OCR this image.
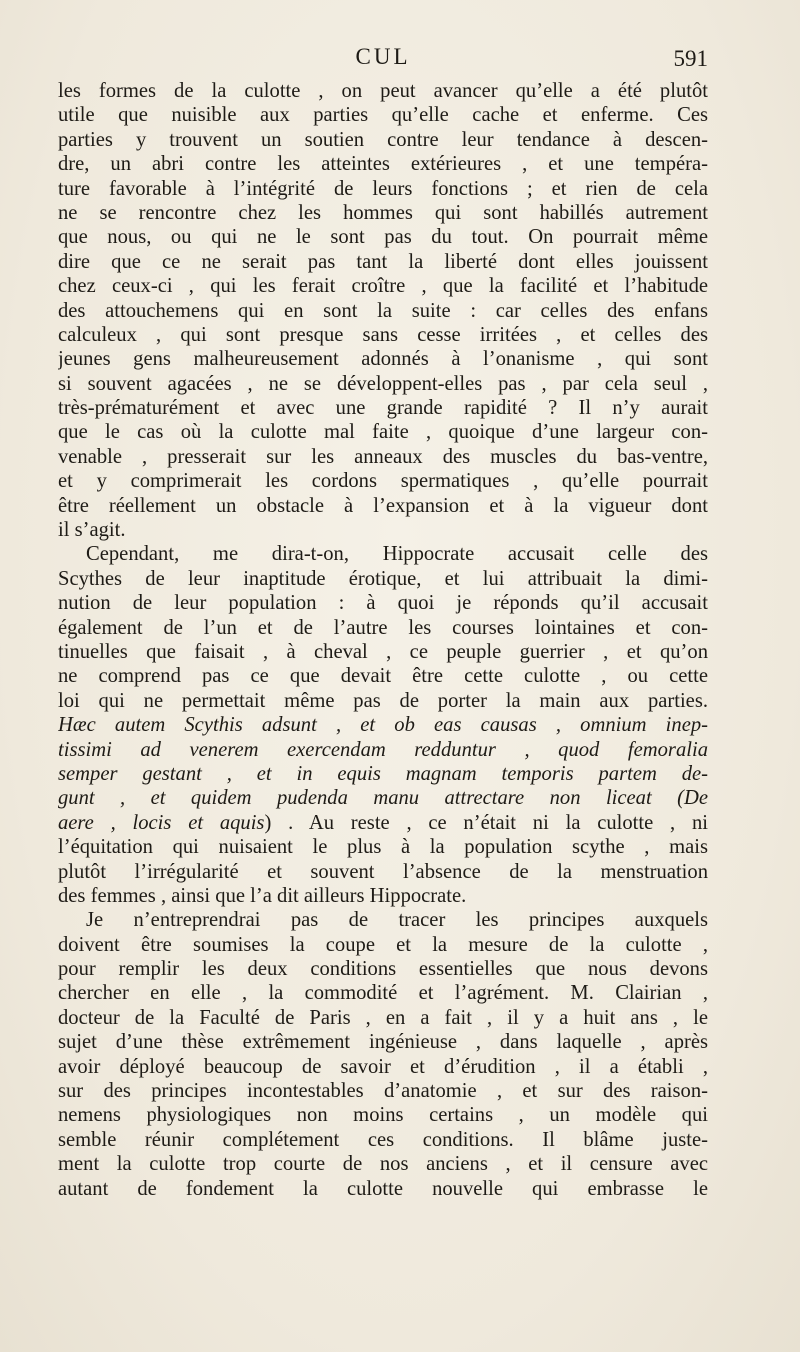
CUL	591
les formes de la culotte , on peut avancer qu’elle a été plutôt
utile que nuisible aux parties qu’elle cache et enferme. Ces
parties y trouvent un soutien contre leur tendance à descen-
dre, un abri contre les atteintes extérieures , et une tempéra-
ture favorable à l’intégrité de leurs fonctions ; et rien de cela
ne se rencontre chez les hommes qui sont habillés autrement
que nous, ou qui ne le sont pas du tout. On pourrait même
dire que ce ne serait pas tant la liberté dont elles jouissent
chez ceux-ci , qui les ferait croître , que la facilité et l’habitude
des attouchemens qui en sont la suite : car celles des enfans
calculeux , qui sont presque sans cesse irritées , et celles des
jeunes gens malheureusement adonnés à l’onanisme , qui sont
si souvent agacées , ne se développent-elles pas , par cela seul ,
très-prématurément et avec une grande rapidité ? Il n’y aurait
que le cas où la culotte mal faite , quoique d’une largeur con-
venable , presserait sur les anneaux des muscles du bas-ventre,
et y comprimerait les cordons spermatiques , qu’elle pourrait
être réellement un obstacle à l’expansion et à la vigueur dont
il s’agit.
Cependant, me dira-t-on, Hippocrate accusait celle des
Scythes de leur inaptitude érotique, et lui attribuait la dimi-
nution de leur population : à quoi je réponds qu’il accusait
également de l’un et de l’autre les courses lointaines et con-
tinuelles que faisait , à cheval , ce peuple guerrier , et qu’on
ne comprend pas ce que devait être cette culotte , ou cette
loi qui ne permettait même pas de porter la main aux parties.
Hæc autem Scythis adsunt , et ob eas causas , omnium inep-
tissimi ad venerem exercendam redduntur , quod femoralia
semper gestant , et in equis magnam temporis partem de-
gunt , et quidem pudenda manu attrectare non liceat (De
aere , locis et aquis) . Au reste , ce n’était ni la culotte , ni
l’équitation qui nuisaient le plus à la population scythe , mais
plutôt l’irrégularité et souvent l’absence de la menstruation
des femmes , ainsi que l’a dit ailleurs Hippocrate.
Je n’entreprendrai pas de tracer les principes auxquels
doivent être soumises la coupe et la mesure de la culotte ,
pour remplir les deux conditions essentielles que nous devons
chercher en elle , la commodité et l’agrément. M. Clairian ,
docteur de la Faculté de Paris , en a fait , il y a huit ans , le
sujet d’une thèse extrêmement ingénieuse , dans laquelle , après
avoir déployé beaucoup de savoir et d’érudition , il a établi ,
sur des principes incontestables d’anatomie , et sur des raison-
nemens physiologiques non moins certains , un modèle qui
semble réunir complétement ces conditions. Il blâme juste-
ment la culotte trop courte de nos anciens , et il censure avec
autant de fondement la culotte nouvelle qui embrasse le
